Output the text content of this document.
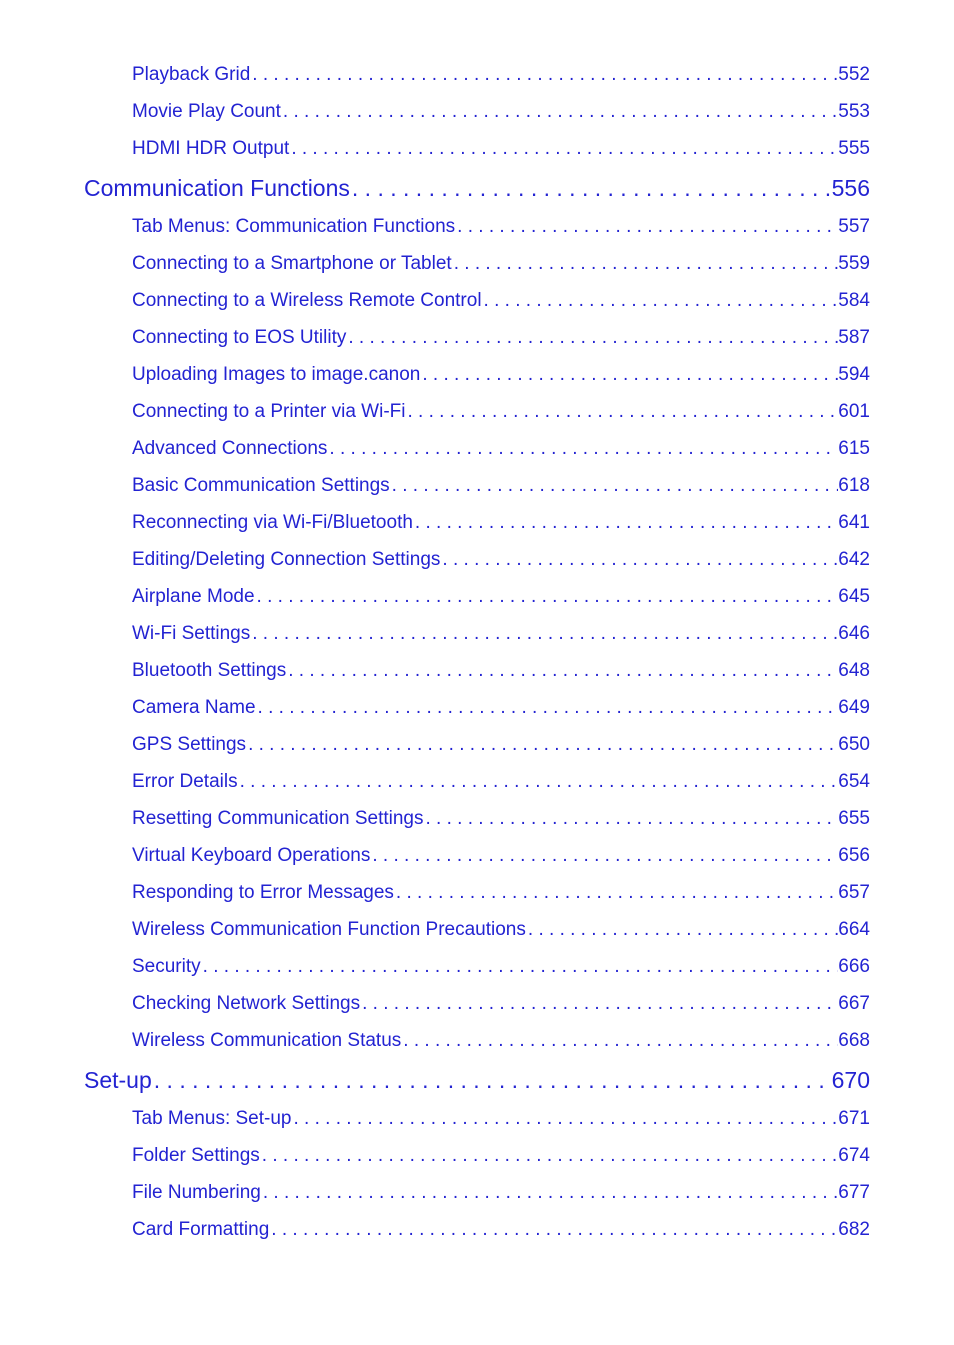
Playback Grid . . .	552
Movie Play Count . . .	553
HDMI HDR Output . . .	555
Communication Functions . . .	556
Tab Menus: Communication Functions . . .	557
Connecting to a Smartphone or Tablet . . .	559
Connecting to a Wireless Remote Control . . .	584
Connecting to EOS Utility . . .	587
Uploading Images to image.canon . . .	594
Connecting to a Printer via Wi-Fi . . .	601
Advanced Connections . . .	615
Basic Communication Settings . . .	618
Reconnecting via Wi-Fi/Bluetooth . . .	641
Editing/Deleting Connection Settings . . .	642
Airplane Mode . . .	645
Wi-Fi Settings . . .	646
Bluetooth Settings . . .	648
Camera Name . . .	649
GPS Settings . . .	650
Error Details . . .	654
Resetting Communication Settings . . .	655
Virtual Keyboard Operations . . .	656
Responding to Error Messages . . .	657
Wireless Communication Function Precautions . . .	664
Security . . .	666
Checking Network Settings . . .	667
Wireless Communication Status . . .	668
Set-up . . .	670
Tab Menus: Set-up . . .	671
Folder Settings . . .	674
File Numbering . . .	677
Card Formatting . . .	682
